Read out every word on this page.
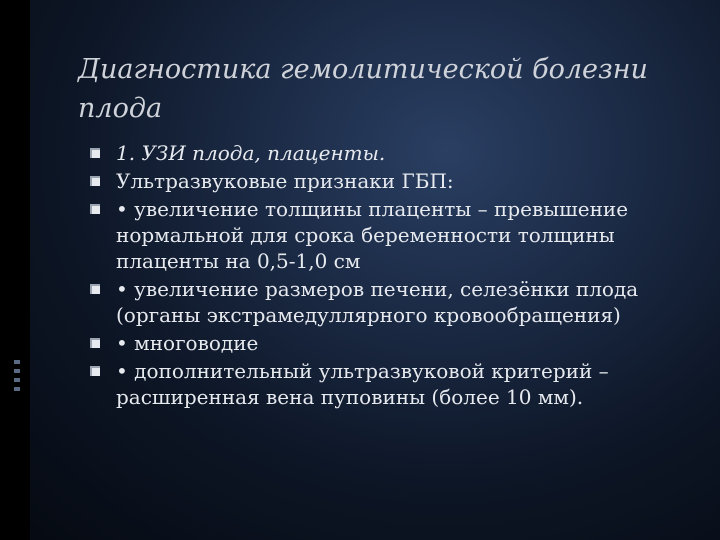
Диагностика гемолитической болезни плода
1. УЗИ плода, плаценты.
Ультразвуковые признаки ГБП:
• увеличение толщины плаценты – превышение нормальной для срока беременности толщины плаценты на 0,5-1,0 см
• увеличение размеров печени, селезёнки плода (органы экстрамедуллярного кровообращения)
• многоводие
• дополнительный ультразвуковой критерий – расширенная вена пуповины (более 10 мм).
